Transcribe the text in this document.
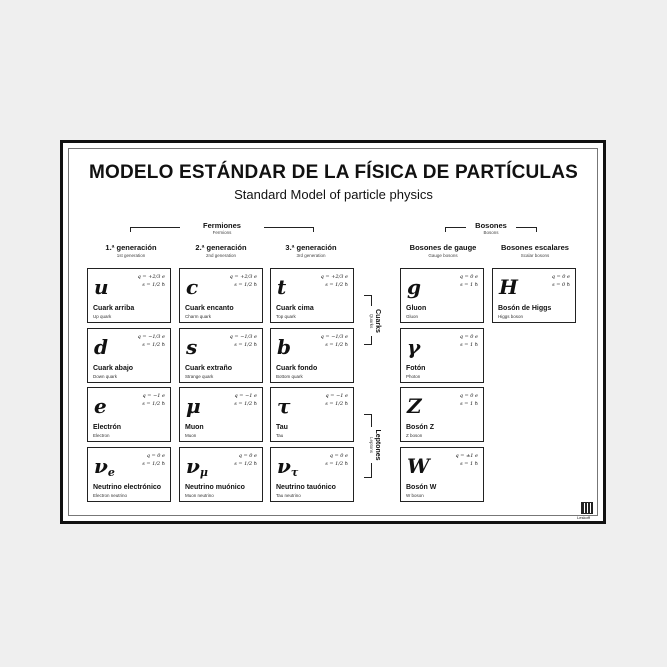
MODELO ESTÁNDAR DE LA FÍSICA DE PARTÍCULAS
Standard Model of particle physics
Fermiones
Fermions
Bosones
Bosons
1.ª generación
1st generation
2.ª generación
2nd generation
3.ª generación
3rd generation
Bosones de gauge
Gauge bosons
Bosones escalares
Scalar bosons
u	q = +2/3 e
s = 1/2 ħ
Cuark arriba
Up quark
c	q = +2/3 e
s = 1/2 ħ
Cuark encanto
Charm quark
t	q = +2/3 e
s = 1/2 ħ
Cuark cima
Top quark
g	q = 0 e
s = 1 ħ
Gluon
Gluon
H	q = 0 e
s = 0 ħ
Bosón de Higgs
Higgs boson
d	q = −1/3 e
s = 1/2 ħ
Cuark abajo
Down quark
s	q = −1/3 e
s = 1/2 ħ
Cuark extraño
Strange quark
b	q = −1/3 e
s = 1/2 ħ
Cuark fondo
Bottom quark
γ	q = 0 e
s = 1 ħ
Fotón
Photon
e	q = −1 e
s = 1/2 ħ
Electrón
Electron
μ	q = −1 e
s = 1/2 ħ
Muon
Muon
τ	q = −1 e
s = 1/2 ħ
Tau
Tau
Z	q = 0 e
s = 1 ħ
Bosón Z
Z boson
$\nu_e$
q = 0 e
s = 1/2 ħ
Neutrino electrónico
Electron neutrino
$\nu_\mu$
q = 0 e
s = 1/2 ħ
Neutrino muónico
Muon neutrino
$\nu_\tau$
q = 0 e
s = 1/2 ħ
Neutrino tauónico
Tau neutrino
W	q = ±1 e
s = 1 ħ
Bosón W
W boson
Cuarks
Quarks
Leptones
Leptons
Leskoff
